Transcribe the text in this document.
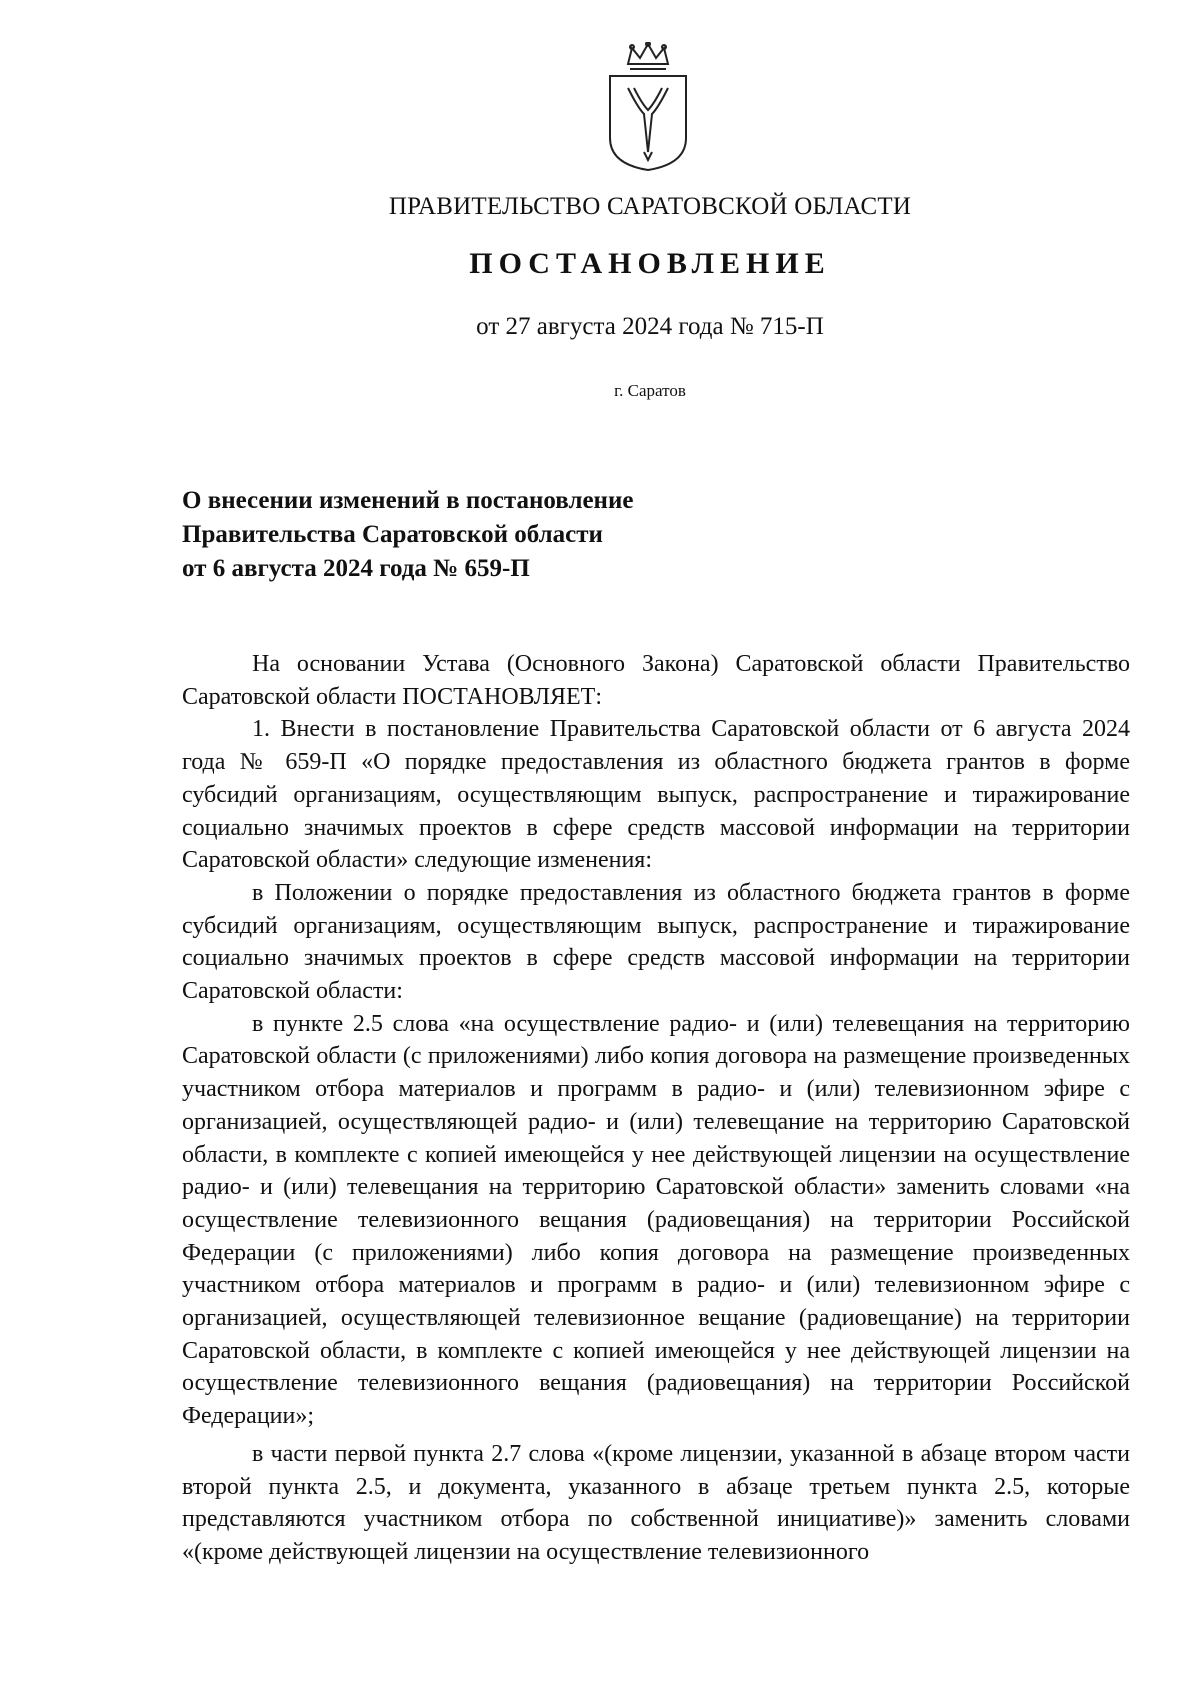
ПРАВИТЕЛЬСТВО САРАТОВСКОЙ ОБЛАСТИ
ПОСТАНОВЛЕНИЕ
от 27 августа 2024 года № 715-П
г. Саратов
О внесении изменений в постановление
Правительства Саратовской области
от 6 августа 2024 года № 659-П

На основании Устава (Основного Закона) Саратовской области Правительство Саратовской области ПОСТАНОВЛЯЕТ:

1. Внести в постановление Правительства Саратовской области от 6 августа 2024 года № 659-П «О порядке предоставления из областного бюджета грантов в форме субсидий организациям, осуществляющим выпуск, распространение и тиражирование социально значимых проектов в сфере средств массовой информации на территории Саратовской области» следующие изменения:

в Положении о порядке предоставления из областного бюджета грантов в форме субсидий организациям, осуществляющим выпуск, распространение и тиражирование социально значимых проектов в сфере средств массовой информации на территории Саратовской области:

в пункте 2.5 слова «на осуществление радио- и (или) телевещания на территорию Саратовской области (с приложениями) либо копия договора на размещение произведенных участником отбора материалов и программ в радио- и (или) телевизионном эфире с организацией, осуществляющей радио- и (или) телевещание на территорию Саратовской области, в комплекте с копией имеющейся у нее действующей лицензии на осуществление радио- и (или) телевещания на территорию Саратовской области» заменить словами «на осуществление телевизионного вещания (радиовещания) на территории Российской Федерации (с приложениями) либо копия договора на размещение произведенных участником отбора материалов и программ в радио- и (или) телевизионном эфире с организацией, осуществляющей телевизионное вещание (радиовещание) на территории Саратовской области, в комплекте с копией имеющейся у нее действующей лицензии на осуществление телевизионного вещания (радиовещания) на территории Российской Федерации»;

в части первой пункта 2.7 слова «(кроме лицензии, указанной в абзаце втором части второй пункта 2.5, и документа, указанного в абзаце третьем пункта 2.5, которые представляются участником отбора по собственной инициативе)» заменить словами «(кроме действующей лицензии на осуществление телевизионного
